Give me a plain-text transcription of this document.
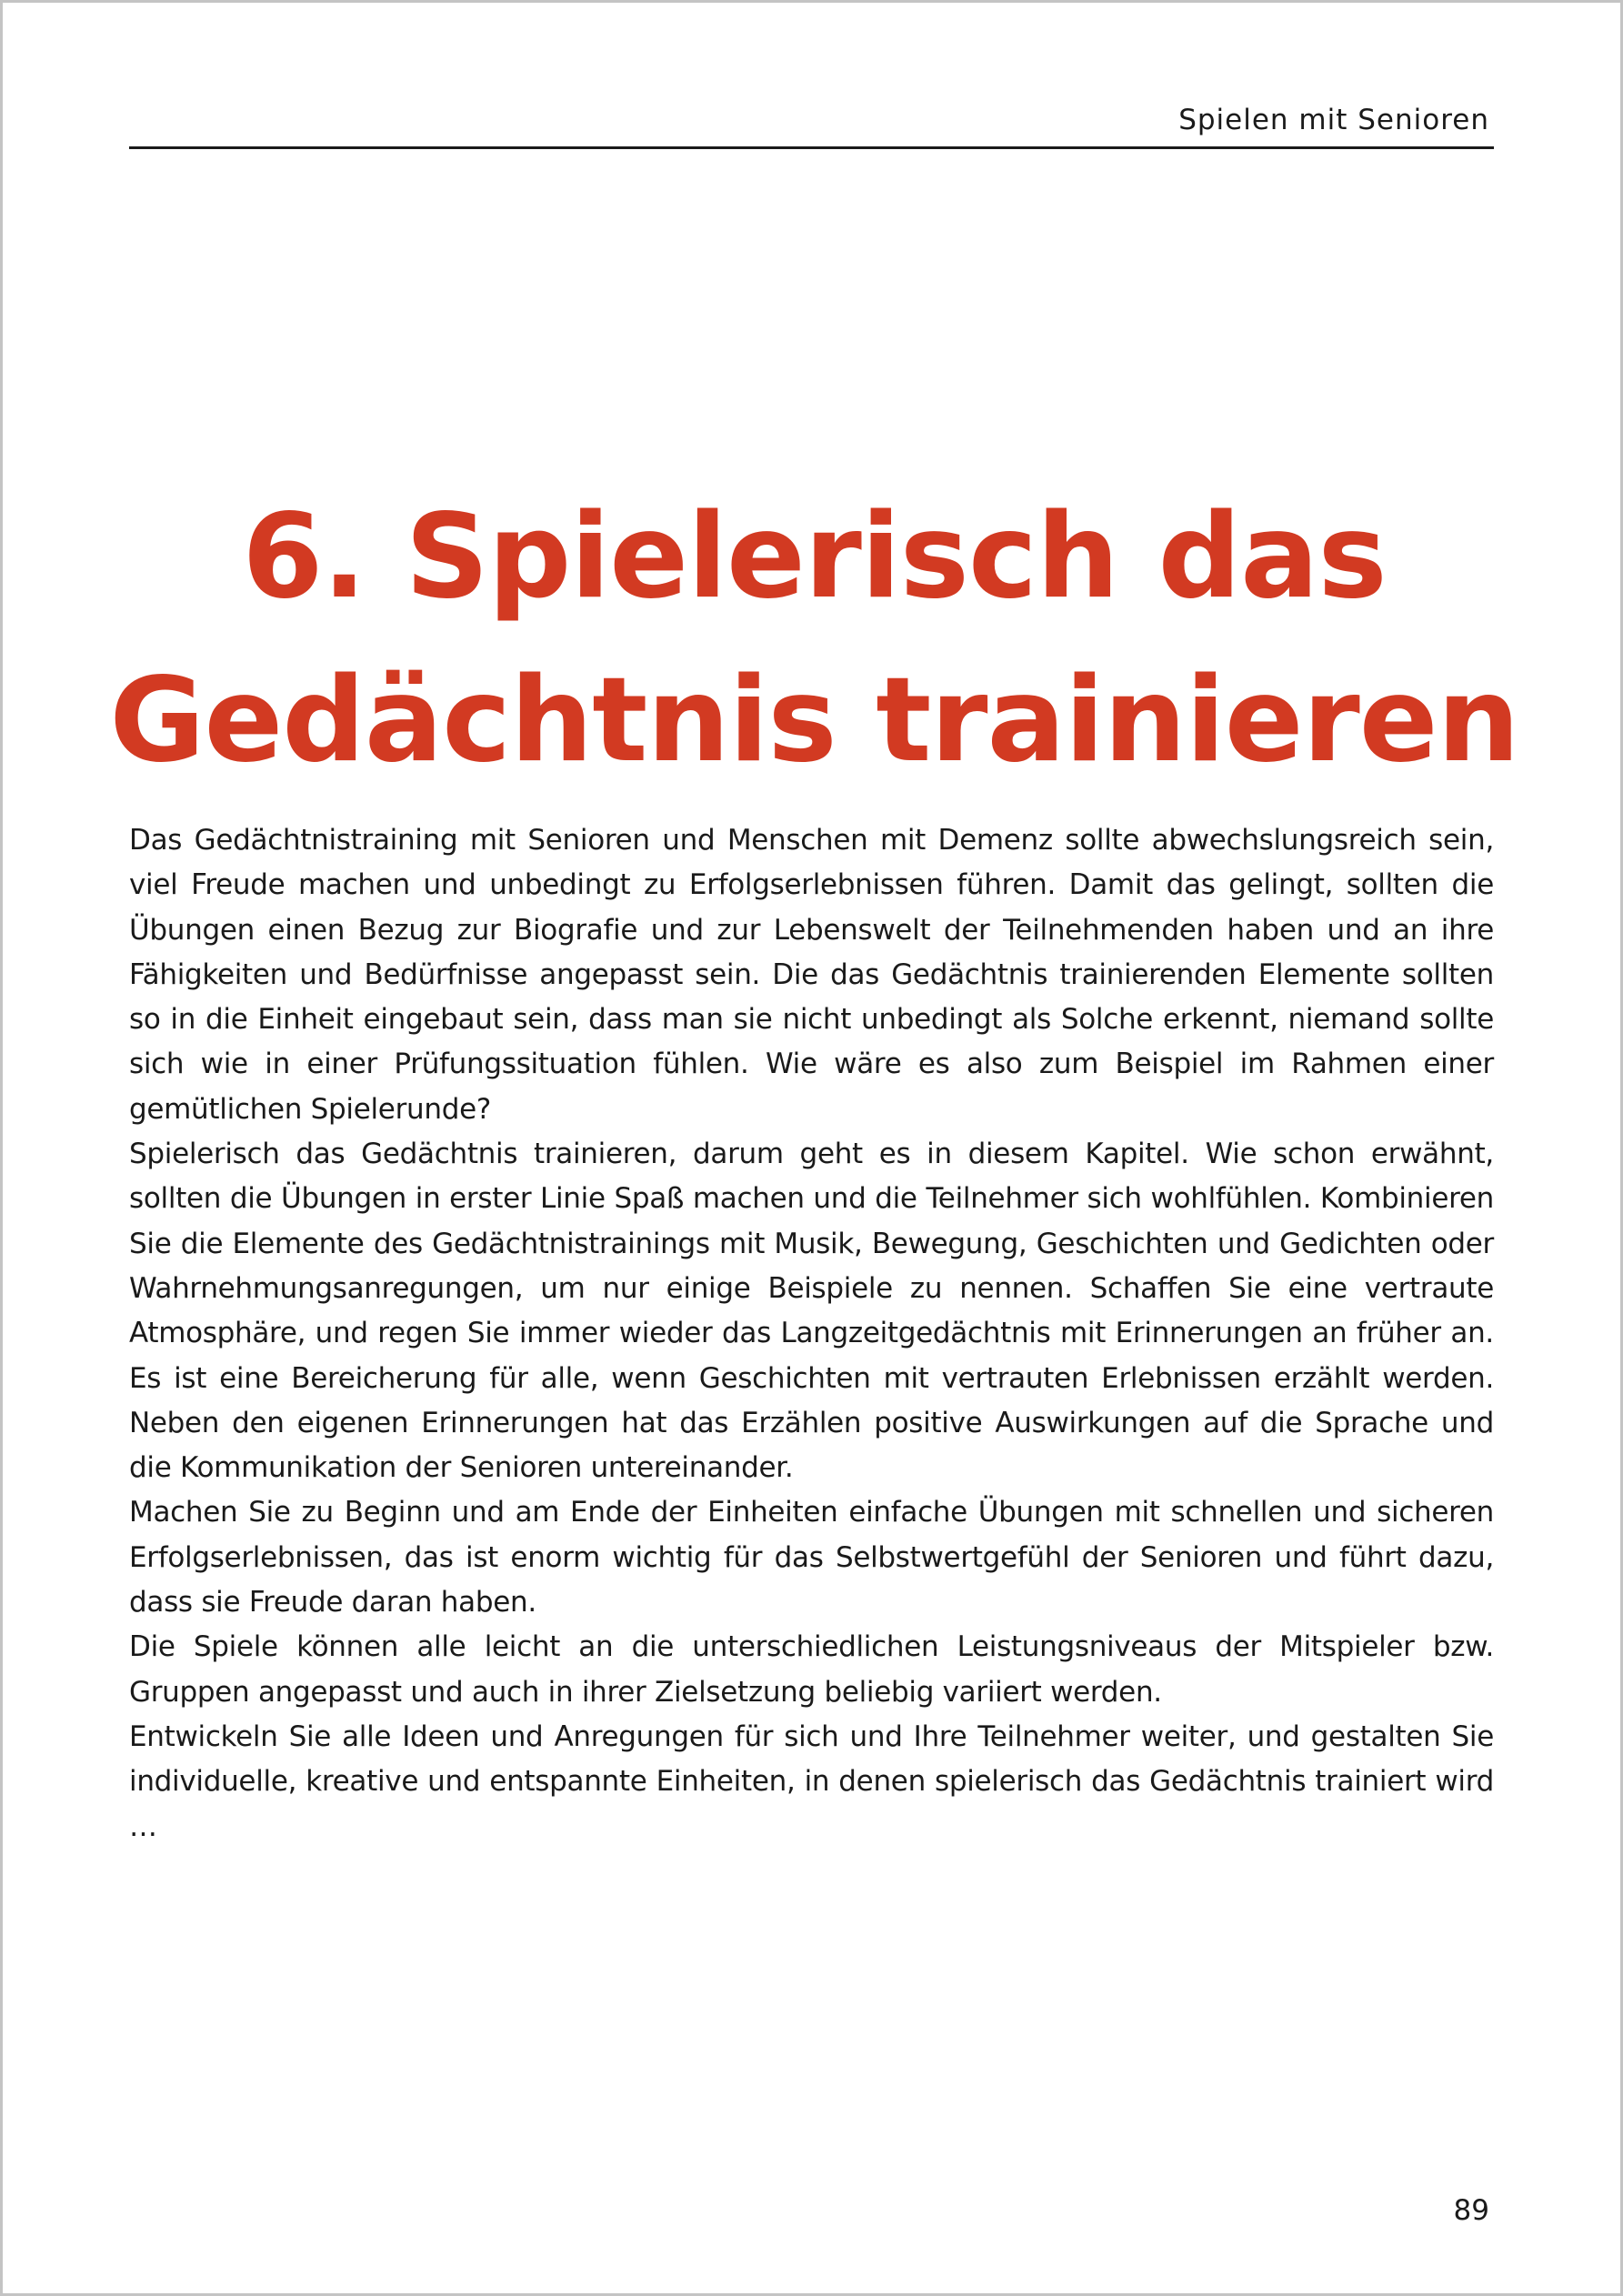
Spielen mit Senioren
6. Spielerisch das
Gedächtnis trainieren

Das Gedächtnistraining mit Senioren und Menschen mit Demenz sollte abwechslungsreich sein, viel Freude machen und unbedingt zu Erfolgserlebnissen führen. Damit das gelingt, sollten die Übungen einen Bezug zur Biografie und zur Lebenswelt der Teilnehmenden haben und an ihre Fähigkeiten und Bedürfnisse angepasst sein. Die das Gedächtnis trainierenden Elemente sollten so in die Einheit eingebaut sein, dass man sie nicht unbedingt als Solche erkennt, niemand sollte sich wie in einer Prüfungssituation fühlen. Wie wäre es also zum Beispiel im Rahmen einer gemütlichen Spielerunde?

Spielerisch das Gedächtnis trainieren, darum geht es in diesem Kapitel. Wie schon erwähnt, sollten die Übungen in erster Linie Spaß machen und die Teilnehmer sich wohlfühlen. Kombinieren Sie die Elemente des Gedächtnistrainings mit Musik, Bewegung, Geschichten und Gedichten oder Wahrnehmungsanregungen, um nur einige Beispiele zu nennen. Schaffen Sie eine vertraute Atmosphäre, und regen Sie immer wieder das Langzeitgedächtnis mit Erinnerungen an früher an. Es ist eine Bereicherung für alle, wenn Geschichten mit vertrauten Erlebnissen erzählt werden. Neben den eigenen Erinnerungen hat das Erzählen positive Auswirkungen auf die Sprache und die Kommunikation der Senioren untereinander.

Machen Sie zu Beginn und am Ende der Einheiten einfache Übungen mit schnellen und sicheren Erfolgserlebnissen, das ist enorm wichtig für das Selbstwertgefühl der Senioren und führt dazu, dass sie Freude daran haben.

Die Spiele können alle leicht an die unterschiedlichen Leistungsniveaus der Mitspieler bzw. Gruppen angepasst und auch in ihrer Zielsetzung beliebig variiert werden.

Entwickeln Sie alle Ideen und Anregungen für sich und Ihre Teilnehmer weiter, und gestalten Sie individuelle, kreative und entspannte Einheiten, in denen spielerisch das Gedächtnis trainiert wird …

89
